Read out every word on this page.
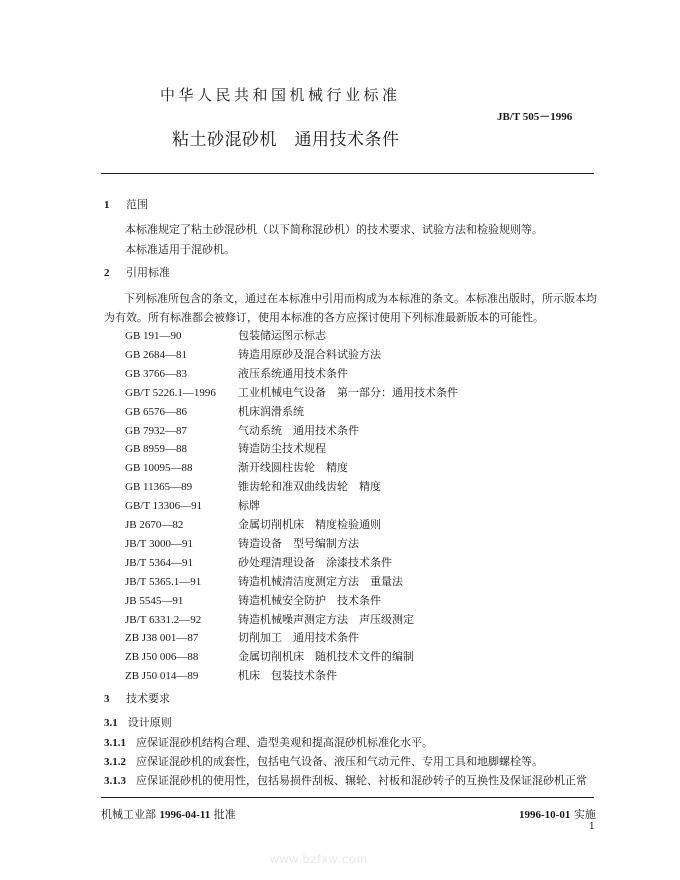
中华人民共和国机械行业标准
JB/T 505－1996
粘土砂混砂机　通用技术条件
1 范围
本标准规定了粘土砂混砂机（以下简称混砂机）的技术要求、试验方法和检验规则等。
本标准适用于混砂机。
2 引用标准
下列标准所包含的条文，通过在本标准中引用而构成为本标准的条文。本标准出版时，所示版本均为有效。所有标准都会被修订，使用本标准的各方应探讨使用下列标准最新版本的可能性。
GB 191—90	包装储运图示标志
GB 2684—81	铸造用原砂及混合料试验方法
GB 3766—83	液压系统通用技术条件
GB/T 5226.1—1996 工业机械电气设备　第一部分：通用技术条件
GB 6576—86	机床润滑系统
GB 7932—87	气动系统　通用技术条件
GB 8959—88	铸造防尘技术规程
GB 10095—88	渐开线圆柱齿轮　精度
GB 11365—89	锥齿轮和准双曲线齿轮　精度
GB/T 13306—91	标牌
JB 2670—82	金属切削机床　精度检验通则
JB/T 3000—91	铸造设备　型号编制方法
JB/T 5364—91	砂处理清理设备　涂漆技术条件
JB/T 5365.1—91	铸造机械清洁度测定方法　重量法
JB 5545—91	铸造机械安全防护　技术条件
JB/T 6331.2—92	铸造机械噪声测定方法　声压级测定
ZB J38 001—87	切削加工　通用技术条件
ZB J50 006—88	金属切削机床　随机技术文件的编制
ZB J50 014—89	机床　包装技术条件
3 技术要求
3.1 设计原则
3.1.1 应保证混砂机结构合理、造型美观和提高混砂机标准化水平。
3.1.2 应保证混砂机的成套性，包括电气设备、液压和气动元件、专用工具和地脚螺栓等。
3.1.3 应保证混砂机的使用性，包括易损件刮板、辗轮、衬板和混砂转子的互换性及保证混砂机正常
机械工业部 1996-04-11 批准	1996-10-01 实施
1
www.bzfxw.com
